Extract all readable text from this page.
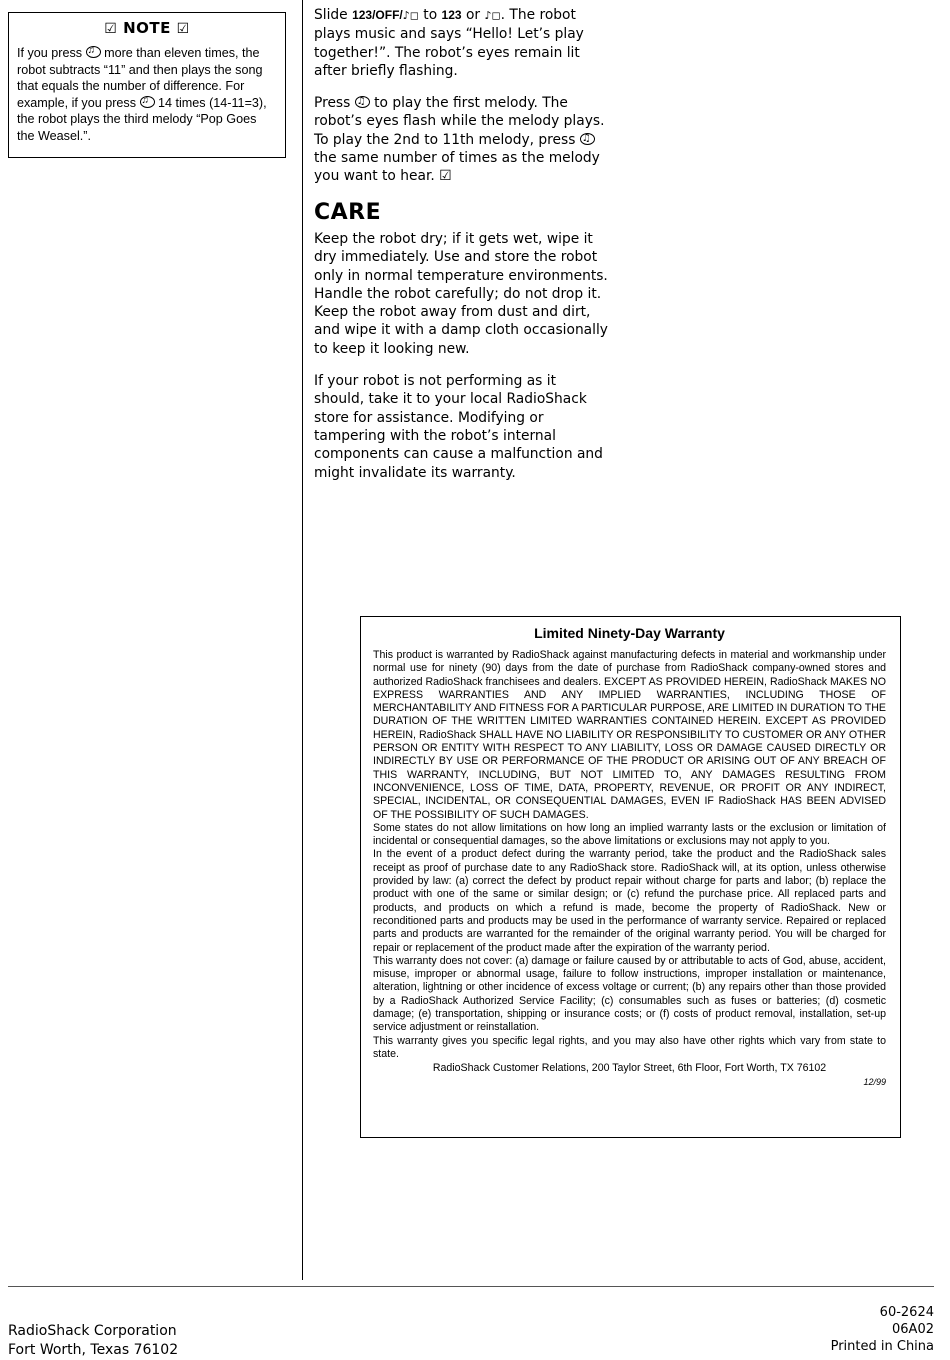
☑︎ NOTE ☑︎

If you press ♫ more than eleven times, the robot subtracts “11” and then plays the song that equals the number of difference. For example, if you press ♫ 14 times (14-11=3), the robot plays the third melody “Pop Goes the Weasel.”.

Slide 123/OFF/♪◻ to 123 or ♪◻. The robot plays music and says “Hello! Let’s play together!”. The robot’s eyes remain lit after briefly flashing.

Press ♫ to play the first melody. The robot’s eyes flash while the melody plays. To play the 2nd to 11th melody, press ♫ the same number of times as the melody you want to hear. ☑︎

CARE

Keep the robot dry; if it gets wet, wipe it dry immediately. Use and store the robot only in normal temperature environments. Handle the robot carefully; do not drop it. Keep the robot away from dust and dirt, and wipe it with a damp cloth occasionally to keep it looking new.

If your robot is not performing as it should, take it to your local RadioShack store for assistance. Modifying or tampering with the robot’s internal components can cause a malfunction and might invalidate its warranty.

Limited Ninety-Day Warranty

This product is warranted by RadioShack against manufacturing defects in material and workmanship under normal use for ninety (90) days from the date of purchase from RadioShack company-owned stores and authorized RadioShack franchisees and dealers. EXCEPT AS PROVIDED HEREIN, RadioShack MAKES NO EXPRESS WARRANTIES AND ANY IMPLIED WARRANTIES, INCLUDING THOSE OF MERCHANTABILITY AND FITNESS FOR A PARTICULAR PURPOSE, ARE LIMITED IN DURATION TO THE DURATION OF THE WRITTEN LIMITED WARRANTIES CONTAINED HEREIN. EXCEPT AS PROVIDED HEREIN, RadioShack SHALL HAVE NO LIABILITY OR RESPONSIBILITY TO CUSTOMER OR ANY OTHER PERSON OR ENTITY WITH RESPECT TO ANY LIABILITY, LOSS OR DAMAGE CAUSED DIRECTLY OR INDIRECTLY BY USE OR PERFORMANCE OF THE PRODUCT OR ARISING OUT OF ANY BREACH OF THIS WARRANTY, INCLUDING, BUT NOT LIMITED TO, ANY DAMAGES RESULTING FROM INCONVENIENCE, LOSS OF TIME, DATA, PROPERTY, REVENUE, OR PROFIT OR ANY INDIRECT, SPECIAL, INCIDENTAL, OR CONSEQUENTIAL DAMAGES, EVEN IF RadioShack HAS BEEN ADVISED OF THE POSSIBILITY OF SUCH DAMAGES.

Some states do not allow limitations on how long an implied warranty lasts or the exclusion or limitation of incidental or consequential damages, so the above limitations or exclusions may not apply to you.

In the event of a product defect during the warranty period, take the product and the RadioShack sales receipt as proof of purchase date to any RadioShack store. RadioShack will, at its option, unless otherwise provided by law: (a) correct the defect by product repair without charge for parts and labor; (b) replace the product with one of the same or similar design; or (c) refund the purchase price. All replaced parts and products, and products on which a refund is made, become the property of RadioShack. New or reconditioned parts and products may be used in the performance of warranty service. Repaired or replaced parts and products are warranted for the remainder of the original warranty period. You will be charged for repair or replacement of the product made after the expiration of the warranty period.

This warranty does not cover: (a) damage or failure caused by or attributable to acts of God, abuse, accident, misuse, improper or abnormal usage, failure to follow instructions, improper installation or maintenance, alteration, lightning or other incidence of excess voltage or current; (b) any repairs other than those provided by a RadioShack Authorized Service Facility; (c) consumables such as fuses or batteries; (d) cosmetic damage; (e) transportation, shipping or insurance costs; or (f) costs of product removal, installation, set-up service adjustment or reinstallation.

This warranty gives you specific legal rights, and you may also have other rights which vary from state to state.

RadioShack Customer Relations, 200 Taylor Street, 6th Floor, Fort Worth, TX 76102

12/99

RadioShack Corporation
Fort Worth, Texas 76102
60-2624
06A02
Printed in China
